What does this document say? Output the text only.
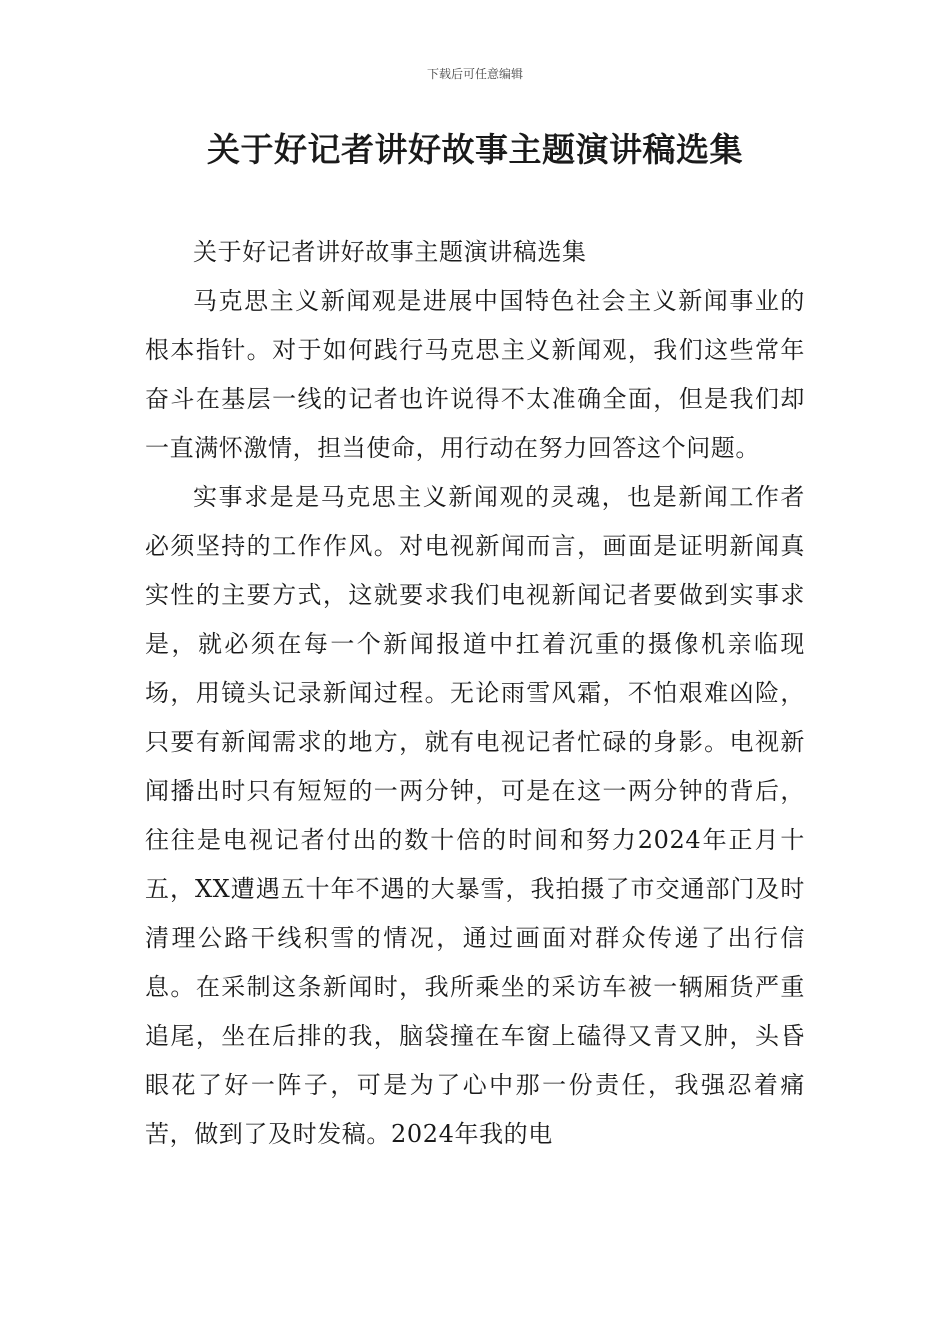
下载后可任意编辑
关于好记者讲好故事主题演讲稿选集

关于好记者讲好故事主题演讲稿选集

马克思主义新闻观是进展中国特色社会主义新闻事业的根本指针。对于如何践行马克思主义新闻观，我们这些常年奋斗在基层一线的记者也许说得不太准确全面，但是我们却一直满怀激情，担当使命，用行动在努力回答这个问题。

实事求是是马克思主义新闻观的灵魂，也是新闻工作者必须坚持的工作作风。对电视新闻而言，画面是证明新闻真实性的主要方式，这就要求我们电视新闻记者要做到实事求是，就必须在每一个新闻报道中扛着沉重的摄像机亲临现场，用镜头记录新闻过程。无论雨雪风霜，不怕艰难凶险，只要有新闻需求的地方，就有电视记者忙碌的身影。电视新闻播出时只有短短的一两分钟，可是在这一两分钟的背后，往往是电视记者付出的数十倍的时间和努力2024年正月十五，XX遭遇五十年不遇的大暴雪，我拍摄了市交通部门及时清理公路干线积雪的情况，通过画面对群众传递了出行信息。在采制这条新闻时，我所乘坐的采访车被一辆厢货严重追尾，坐在后排的我，脑袋撞在车窗上磕得又青又肿，头昏眼花了好一阵子，可是为了心中那一份责任，我强忍着痛苦，做到了及时发稿。2024年我的电
